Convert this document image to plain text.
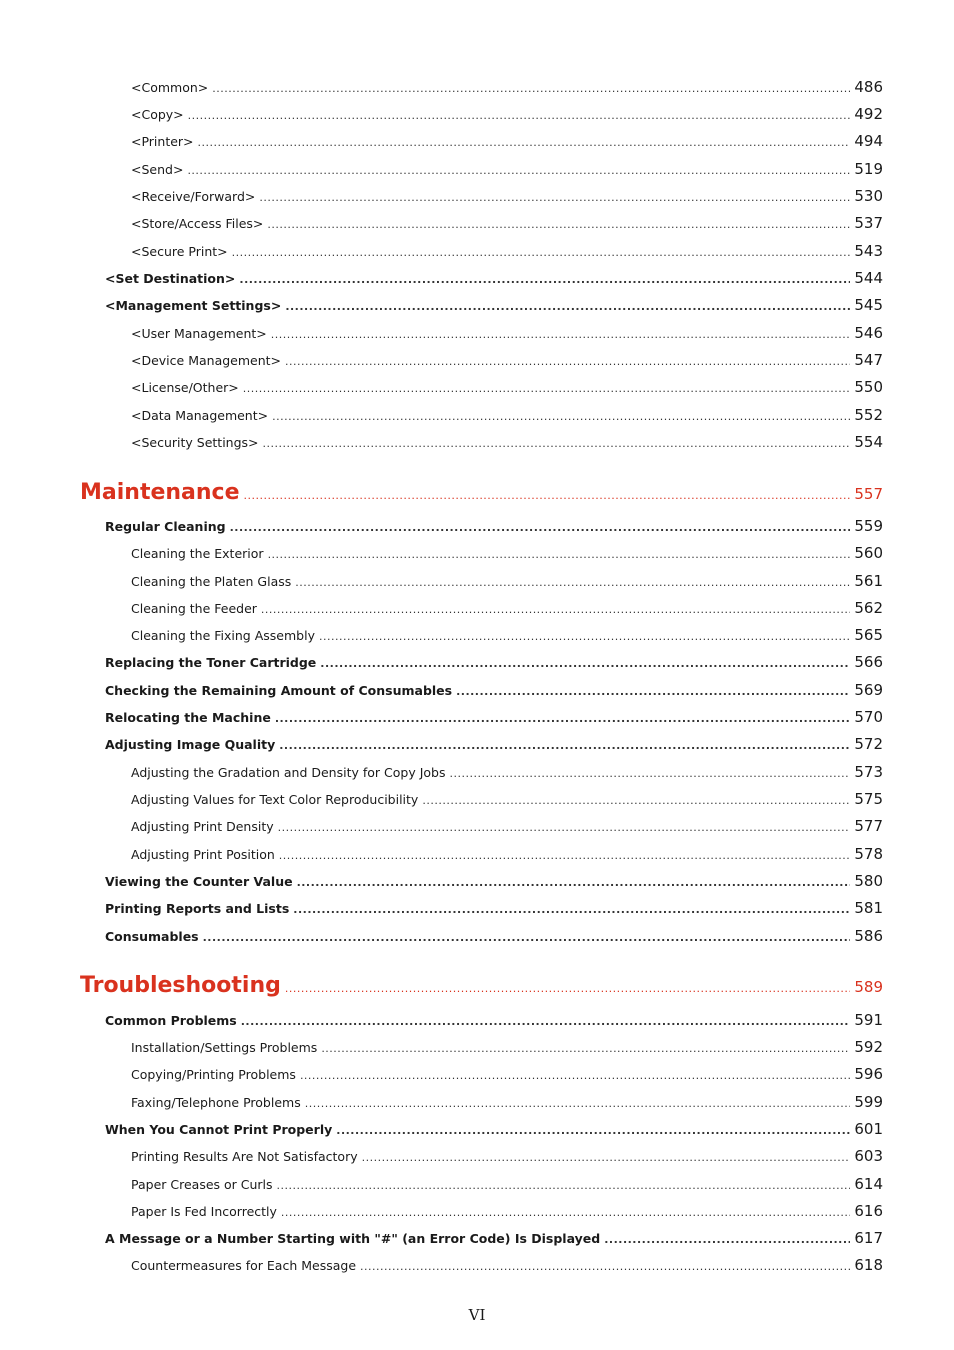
<Common> .....	486
<Copy> .....	492
<Printer> .....	494
<Send> .....	519
<Receive/Forward> .....	530
<Store/Access Files> .....	537
<Secure Print> .....	543
<Set Destination> .....	544
<Management Settings> .....	545
<User Management> .....	546
<Device Management> .....	547
<License/Other> .....	550
<Data Management> .....	552
<Security Settings> .....	554
Maintenance .....	557
Regular Cleaning .....	559
Cleaning the Exterior .....	560
Cleaning the Platen Glass .....	561
Cleaning the Feeder .....	562
Cleaning the Fixing Assembly .....	565
Replacing the Toner Cartridge .....	566
Checking the Remaining Amount of Consumables .....	569
Relocating the Machine .....	570
Adjusting Image Quality .....	572
Adjusting the Gradation and Density for Copy Jobs .....	573
Adjusting Values for Text Color Reproducibility .....	575
Adjusting Print Density .....	577
Adjusting Print Position .....	578
Viewing the Counter Value .....	580
Printing Reports and Lists .....	581
Consumables .....	586
Troubleshooting .....	589
Common Problems .....	591
Installation/Settings Problems .....	592
Copying/Printing Problems .....	596
Faxing/Telephone Problems .....	599
When You Cannot Print Properly .....	601
Printing Results Are Not Satisfactory .....	603
Paper Creases or Curls .....	614
Paper Is Fed Incorrectly .....	616
A Message or a Number Starting with "#" (an Error Code) Is Displayed .....	617
Countermeasures for Each Message .....	618
VI
